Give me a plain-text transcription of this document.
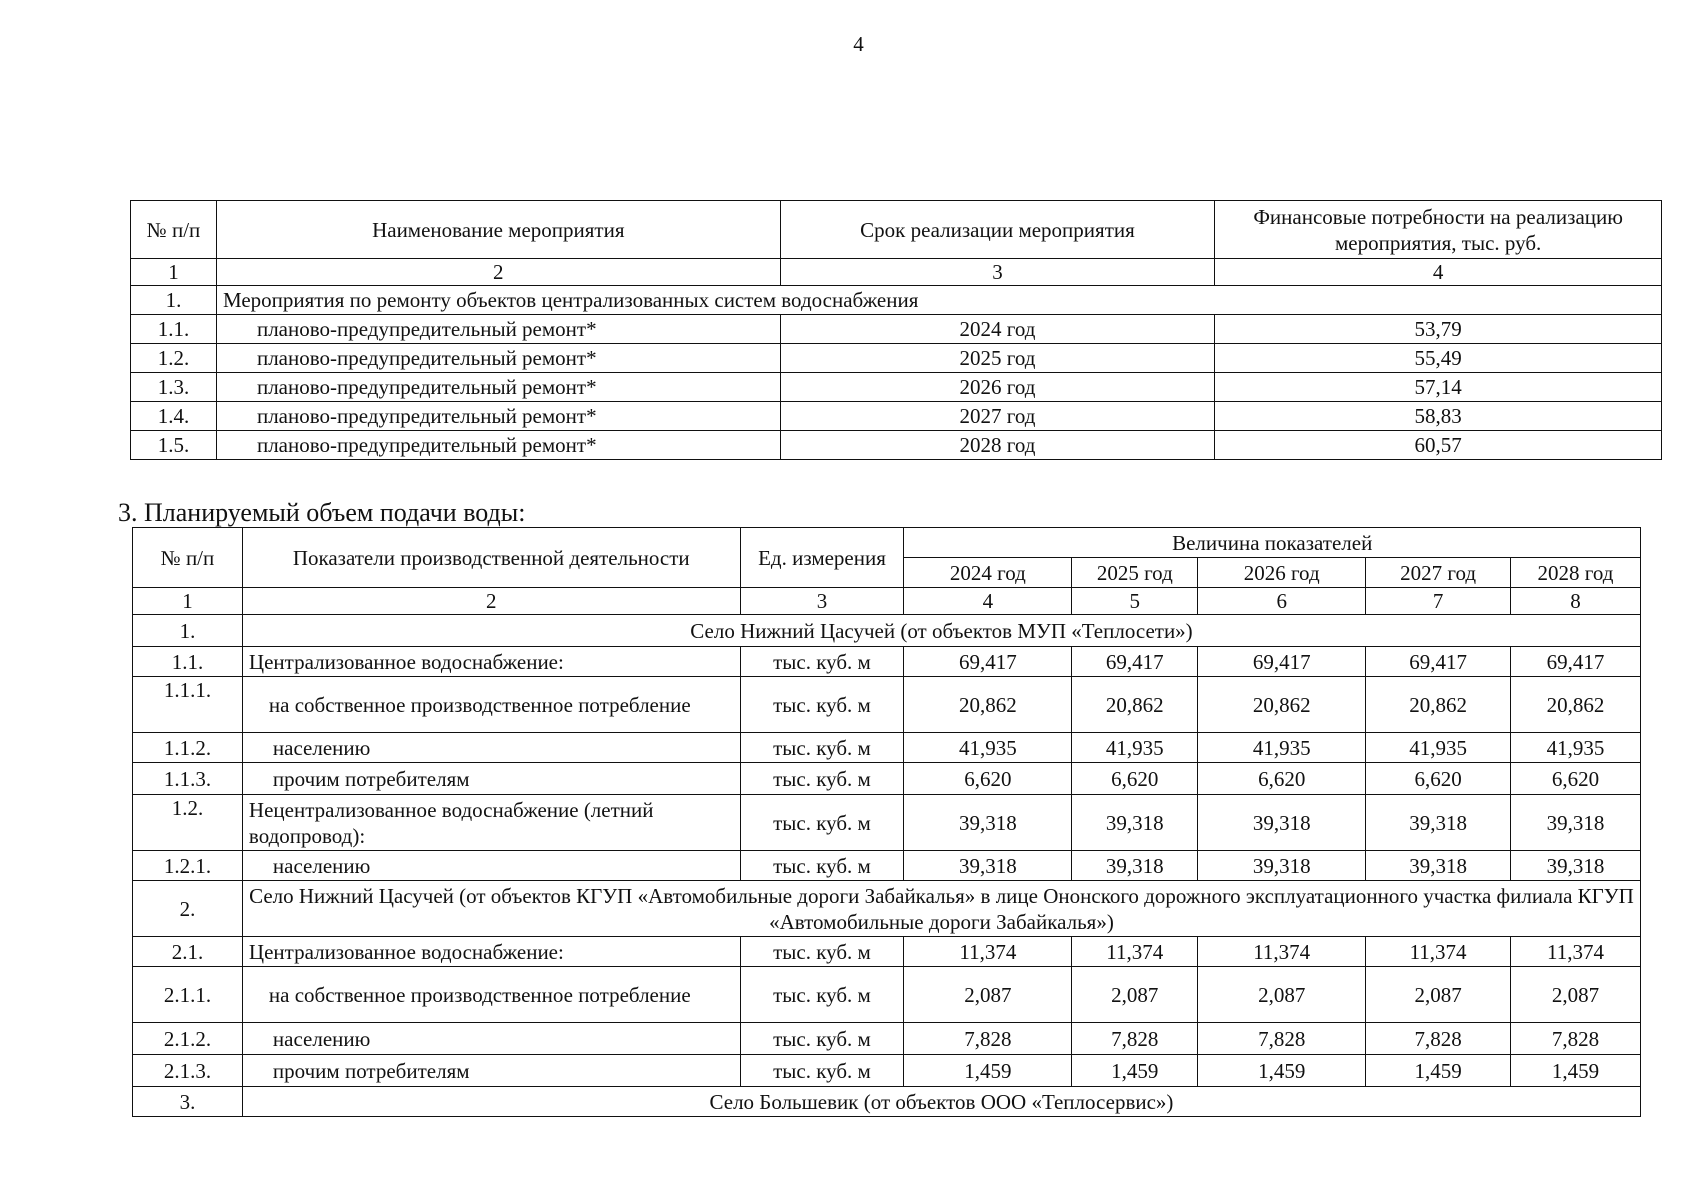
4
№ п/п	Наименование мероприятия	Срок реализации мероприятия	Финансовые потребности на реализацию мероприятия, тыс. руб.
1	2	3	4
1.	Мероприятия по ремонту объектов централизованных систем водоснабжения		
1.1.	планово-предупредительный ремонт*	2024 год	53,79
1.2.	планово-предупредительный ремонт*	2025 год	55,49
1.3.	планово-предупредительный ремонт*	2026 год	57,14
1.4.	планово-предупредительный ремонт*	2027 год	58,83
1.5.	планово-предупредительный ремонт*	2028 год	60,57
3. Планируемый объем подачи воды:
№ п/п	Показатели производственной деятельности	Ед. измерения	Величина показателей				
			2024 год	2025 год	2026 год	2027 год	2028 год
1	2	3	4	5	6	7	8
1.	Село Нижний Цасучей (от объектов МУП «Теплосети»)						
1.1.	Централизованное водоснабжение:	тыс. куб. м	69,417	69,417	69,417	69,417	69,417
1.1.1.	на собственное производственное потребление	тыс. куб. м	20,862	20,862	20,862	20,862	20,862
1.1.2.	населению	тыс. куб. м	41,935	41,935	41,935	41,935	41,935
1.1.3.	прочим потребителям	тыс. куб. м	6,620	6,620	6,620	6,620	6,620
1.2.	Нецентрализованное водоснабжение (летний водопровод):	тыс. куб. м	39,318	39,318	39,318	39,318	39,318
1.2.1.	населению	тыс. куб. м	39,318	39,318	39,318	39,318	39,318
2.	Село Нижний Цасучей (от объектов КГУП «Автомобильные дороги Забайкалья» в лице Ононского дорожного эксплуатационного участка филиала КГУП «Автомобильные дороги Забайкалья»)						
2.1.	Централизованное водоснабжение:	тыс. куб. м	11,374	11,374	11,374	11,374	11,374
2.1.1.	на собственное производственное потребление	тыс. куб. м	2,087	2,087	2,087	2,087	2,087
2.1.2.	населению	тыс. куб. м	7,828	7,828	7,828	7,828	7,828
2.1.3.	прочим потребителям	тыс. куб. м	1,459	1,459	1,459	1,459	1,459
3.	Село Большевик (от объектов ООО «Теплосервис»)						
